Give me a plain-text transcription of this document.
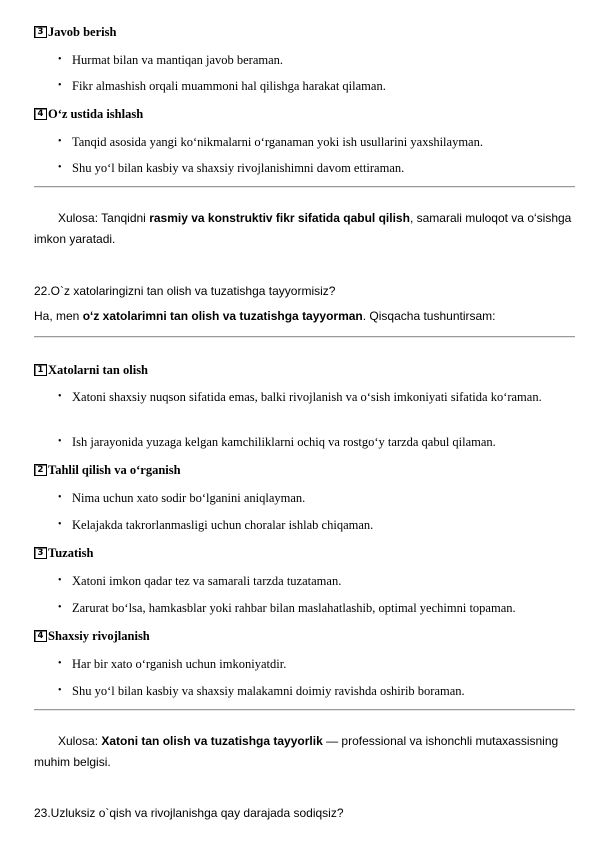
3 Javob berish
• Hurmat bilan va mantiqan javob beraman.
• Fikr almashish orqali muammoni hal qilishga harakat qilaman.
4 O‘z ustida ishlash
• Tanqid asosida yangi ko‘nikmalarni o‘rganaman yoki ish usullarini yaxshilayman.
• Shu yo‘l bilan kasbiy va shaxsiy rivojlanishimni davom ettiraman.
Xulosa: Tanqidni rasmiy va konstruktiv fikr sifatida qabul qilish, samarali muloqot va o‘sishga imkon yaratadi.
22.O`z xatolaringizni tan olish va tuzatishga tayyormisiz?
Ha, men o‘z xatolarimni tan olish va tuzatishga tayyorman. Qisqacha tushuntirsam:
1 Xatolarni tan olish
• Xatoni shaxsiy nuqson sifatida emas, balki rivojlanish va o‘sish imkoniyati sifatida ko‘raman.
• Ish jarayonida yuzaga kelgan kamchiliklarni ochiq va rostgo‘y tarzda qabul qilaman.
2 Tahlil qilish va o‘rganish
• Nima uchun xato sodir bo‘lganini aniqlayman.
• Kelajakda takrorlanmasligi uchun choralar ishlab chiqaman.
3 Tuzatish
• Xatoni imkon qadar tez va samarali tarzda tuzataman.
• Zarurat bo‘lsa, hamkasblar yoki rahbar bilan maslahatlashib, optimal yechimni topaman.
4 Shaxsiy rivojlanish
• Har bir xato o‘rganish uchun imkoniyatdir.
• Shu yo‘l bilan kasbiy va shaxsiy malakamni doimiy ravishda oshirib boraman.
Xulosa: Xatoni tan olish va tuzatishga tayyorlik — professional va ishonchli mutaxassisning muhim belgisi.
23.Uzluksiz o`qish va rivojlanishga qay darajada sodiqsiz?
